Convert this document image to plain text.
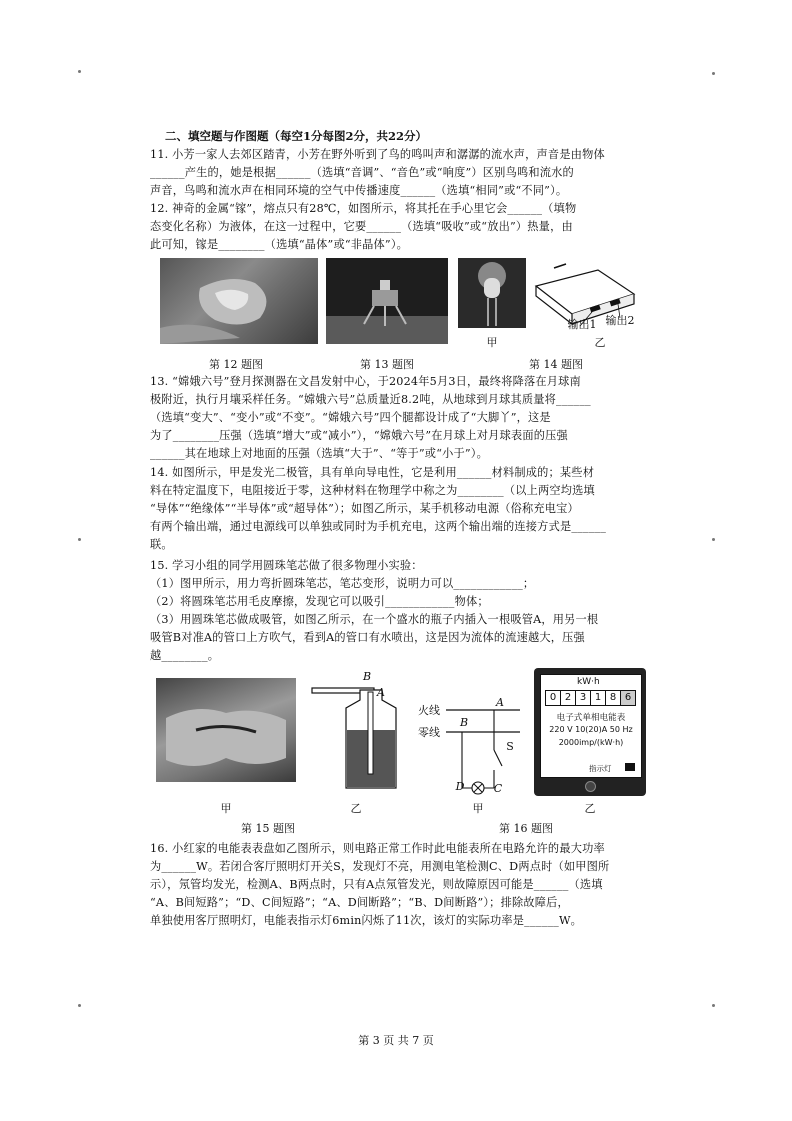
二、填空题与作图题（每空1分每图2分，共22分）
11. 小芳一家人去郊区踏青，小芳在野外听到了鸟的鸣叫声和潺潺的流水声，声音是由物体
______产生的，她是根据______（选填“音调”、“音色”或“响度”）区别鸟鸣和流水的
声音，鸟鸣和流水声在相同环境的空气中传播速度______（选填“相同”或“不同”）。
12. 神奇的金属“镓”，熔点只有28℃，如图所示，将其托在手心里它会______（填物
态变化名称）为液体，在这一过程中，它要______（选填“吸收”或“放出”）热量，由
此可知，镓是________（选填“晶体”或“非晶体”）。
第 12 题图	第 13 题图
甲
输出1 输出2
乙
第 14 题图
13. “嫦娥六号”登月探测器在文昌发射中心，于2024年5月3日，最终将降落在月球南
极附近，执行月壤采样任务。“嫦娥六号”总质量近8.2吨，从地球到月球其质量将______
（选填“变大”、“变小”或“不变”。“嫦娥六号”四个腿都设计成了“大脚丫”，这是
为了________压强（选填“增大”或“减小”），“嫦娥六号”在月球上对月球表面的压强
______其在地球上对地面的压强（选填“大于”、“等于”或“小于”）。
14. 如图所示，甲是发光二极管，具有单向导电性，它是利用______材料制成的；某些材
料在特定温度下，电阻接近于零，这种材料在物理学中称之为________（以上两空均选填
“导体”“绝缘体”“半导体”或“超导体”）；如图乙所示，某手机移动电源（俗称充电宝）
有两个输出端，通过电源线可以单独或同时为手机充电，这两个输出端的连接方式是______
联。
15. 学习小组的同学用圆珠笔芯做了很多物理小实验：
（1）图甲所示，用力弯折圆珠笔芯，笔芯变形，说明力可以____________；
（2）将圆珠笔芯用毛皮摩擦，发现它可以吸引____________物体；
（3）用圆珠笔芯做成吸管，如图乙所示，在一个盛水的瓶子内插入一根吸管A，用另一根
吸管B对准A的管口上方吹气，看到A的管口有水喷出，这是因为流体的流速越大，压强
越________。
甲
B
A
乙
第 15 题图
火线
零线
A
B
S
D	C
甲
kW·h
0 2 3 1 8 6
电子式单相电能表
220 V 10(20)A 50 Hz
2000imp/(kW·h)
指示灯
乙
第 16 题图
16. 小红家的电能表表盘如乙图所示，则电路正常工作时此电能表所在电路允许的最大功率
为______W。若闭合客厅照明灯开关S，发现灯不亮，用测电笔检测C、D两点时（如甲图所
示），氖管均发光，检测A、B两点时，只有A点氖管发光，则故障原因可能是______（选填
“A、B间短路”；“D、C间短路”；“A、D间断路”；“B、D间断路”）；排除故障后，
单独使用客厅照明灯，电能表指示灯6min闪烁了11次，该灯的实际功率是______W。
第 3 页 共 7 页
